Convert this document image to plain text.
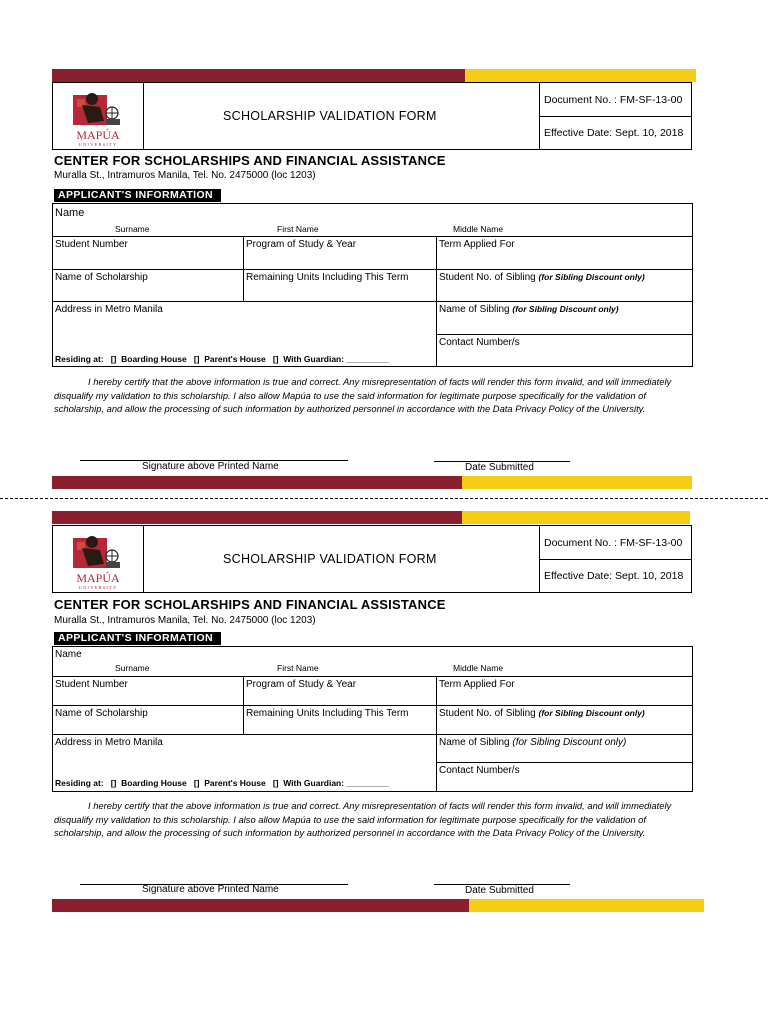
MAPÚA
UNIVERSITY
SCHOLARSHIP VALIDATION FORM
Document No. : FM-SF-13-00
Effective Date: Sept. 10, 2018
CENTER FOR SCHOLARSHIPS AND FINANCIAL ASSISTANCE
Muralla St., Intramuros Manila, Tel. No. 2475000 (loc 1203)
APPLICANT'S INFORMATION
Name
Surname	First Name	Middle Name
Student Number	Program of Study & Year	Term Applied For
Name of Scholarship	Remaining Units Including This Term	Student No. of Sibling (for Sibling Discount only)
Address in Metro Manila
Residing at:   []  Boarding House   []  Parent's House   []  With Guardian: _________
Name of Sibling (for Sibling Discount only)
Contact Number/s
I hereby certify that the above information is true and correct. Any misrepresentation of facts will render this form invalid, and will immediately disqualify my validation to this scholarship. I also allow Mapúa to use the said information for legitimate purpose specifically for the validation of scholarship, and allow the processing of such information by authorized personnel in accordance with the Data Privacy Policy of the University.
Signature above Printed Name	Date Submitted
MAPÚA
UNIVERSITY
SCHOLARSHIP VALIDATION FORM
Document No. : FM-SF-13-00
Effective Date: Sept. 10, 2018
CENTER FOR SCHOLARSHIPS AND FINANCIAL ASSISTANCE
Muralla St., Intramuros Manila, Tel. No. 2475000 (loc 1203)
APPLICANT'S INFORMATION
Name
Surname	First Name	Middle Name
Student Number	Program of Study & Year	Term Applied For
Name of Scholarship	Remaining Units Including This Term	Student No. of Sibling (for Sibling Discount only)
Address in Metro Manila
Residing at:   []  Boarding House   []  Parent's House   []  With Guardian: _________
Name of Sibling (for Sibling Discount only)
Contact Number/s
I hereby certify that the above information is true and correct. Any misrepresentation of facts will render this form invalid, and will immediately disqualify my validation to this scholarship. I also allow Mapúa to use the said information for legitimate purpose specifically for the validation of scholarship, and allow the processing of such information by authorized personnel in accordance with the Data Privacy Policy of the University.
Signature above Printed Name	Date Submitted
